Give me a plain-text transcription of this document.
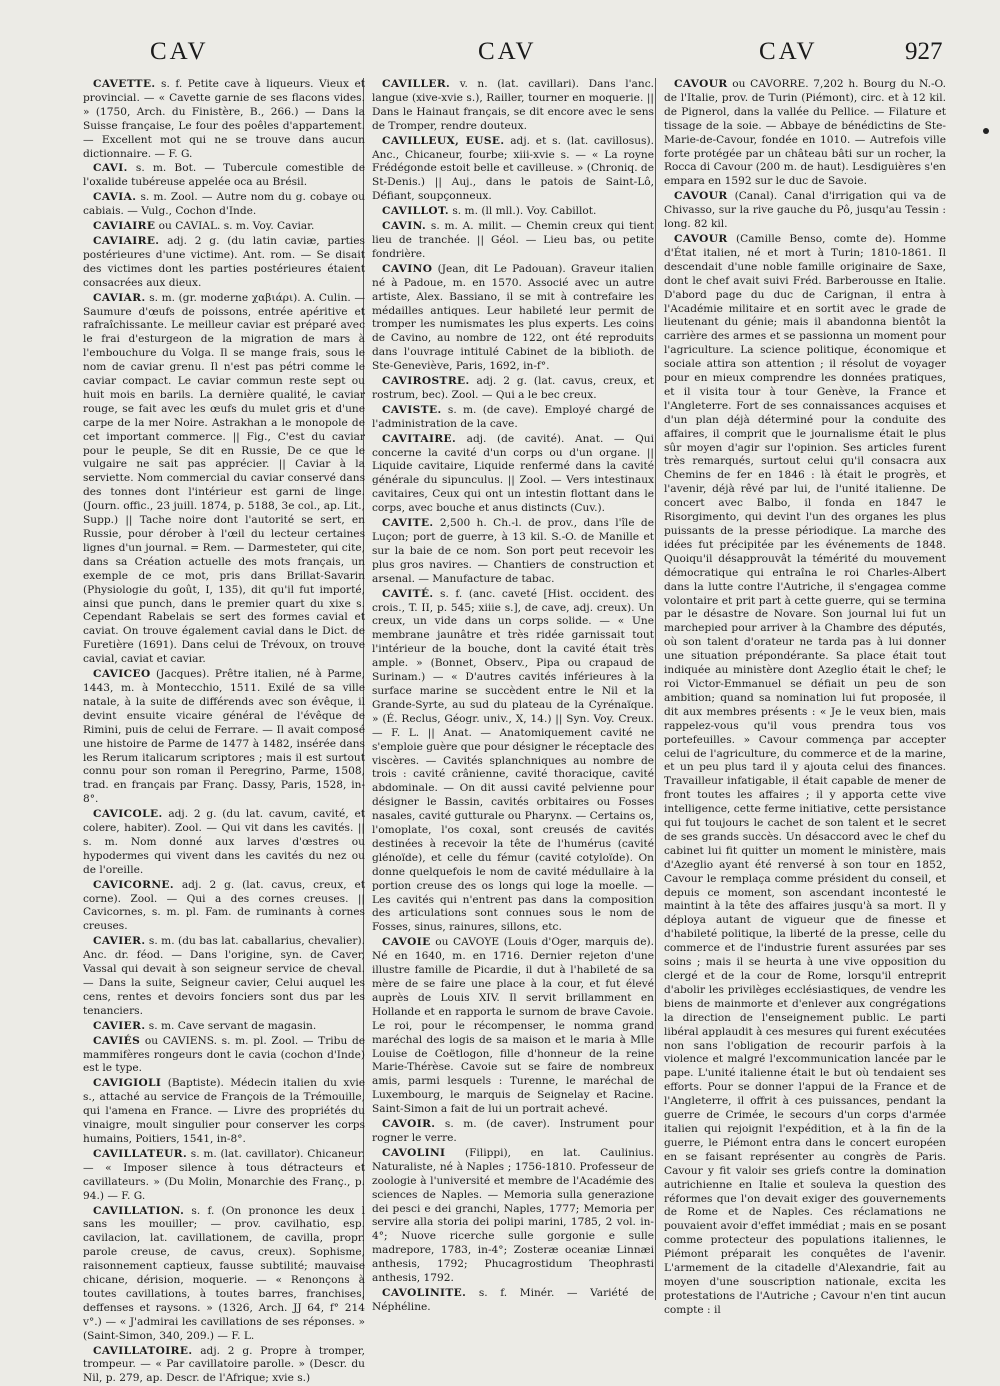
CAV	CAV	CAV	927

CAVETTE. s. f. Petite cave à liqueurs. Vieux et provincial. — « Cavette garnie de ses flacons vides. » (1750, Arch. du Finistère, B., 266.) — Dans la Suisse française, Le four des poêles d'appartement. — Excellent mot qui ne se trouve dans aucun dictionnaire. — F. G.

CAVI. s. m. Bot. — Tubercule comestible de l'oxalide tubéreuse appelée oca au Brésil.

CAVIA. s. m. Zool. — Autre nom du g. cobaye ou cabiais. — Vulg., Cochon d'Inde.

CAVIAIRE ou CAVIAL. s. m. Voy. Caviar.

CAVIAIRE. adj. 2 g. (du latin caviæ, parties postérieures d'une victime). Ant. rom. — Se disait des victimes dont les parties postérieures étaient consacrées aux dieux.

CAVIAR. s. m. (gr. moderne χαβιάρι). A. Culin. — Saumure d'œufs de poissons, entrée apéritive et rafraîchissante. Le meilleur caviar est préparé avec le frai d'esturgeon de la migration de mars à l'embouchure du Volga. Il se mange frais, sous le nom de caviar grenu. Il n'est pas pétri comme le caviar compact. Le caviar commun reste sept ou huit mois en barils. La dernière qualité, le caviar rouge, se fait avec les œufs du mulet gris et d'une carpe de la mer Noire. Astrakhan a le monopole de cet important commerce. || Fig., C'est du caviar pour le peuple, Se dit en Russie, De ce que le vulgaire ne sait pas apprécier. || Caviar à la serviette. Nom commercial du caviar conservé dans des tonnes dont l'intérieur est garni de linge. (Journ. offic., 23 juill. 1874, p. 5188, 3e col., ap. Lit., Supp.) || Tache noire dont l'autorité se sert, en Russie, pour dérober à l'œil du lecteur certaines lignes d'un journal. = Rem. — Darmesteter, qui cite, dans sa Création actuelle des mots français, un exemple de ce mot, pris dans Brillat-Savarin (Physiologie du goût, I, 135), dit qu'il fut importé, ainsi que punch, dans le premier quart du xixe s. Cependant Rabelais se sert des formes cavial et caviat. On trouve également cavial dans le Dict. de Furetière (1691). Dans celui de Trévoux, on trouve cavial, caviat et caviar.

CAVICEO (Jacques). Prêtre italien, né à Parme, 1443, m. à Montecchio, 1511. Exilé de sa ville natale, à la suite de différends avec son évêque, il devint ensuite vicaire général de l'évêque de Rimini, puis de celui de Ferrare. — Il avait composé une histoire de Parme de 1477 à 1482, insérée dans les Rerum italicarum scriptores ; mais il est surtout connu pour son roman il Peregrino, Parme, 1508, trad. en français par Franç. Dassy, Paris, 1528, in-8°.

CAVICOLE. adj. 2 g. (du lat. cavum, cavité, et colere, habiter). Zool. — Qui vit dans les cavités. || s. m. Nom donné aux larves d'œstres ou hypodermes qui vivent dans les cavités du nez ou de l'oreille.

CAVICORNE. adj. 2 g. (lat. cavus, creux, et corne). Zool. — Qui a des cornes creuses. || Cavicornes, s. m. pl. Fam. de ruminants à cornes creuses.

CAVIER. s. m. (du bas lat. caballarius, chevalier). Anc. dr. féod. — Dans l'origine, syn. de Caver, Vassal qui devait à son seigneur service de cheval. — Dans la suite, Seigneur cavier, Celui auquel les cens, rentes et devoirs fonciers sont dus par les tenanciers.

CAVIER. s. m. Cave servant de magasin.

CAVIÉS ou CAVIENS. s. m. pl. Zool. — Tribu de mammifères rongeurs dont le cavia (cochon d'Inde) est le type.

CAVIGIOLI (Baptiste). Médecin italien du xvie s., attaché au service de François de la Trémouille, qui l'amena en France. — Livre des propriétés du vinaigre, moult singulier pour conserver les corps humains, Poitiers, 1541, in-8°.

CAVILLATEUR. s. m. (lat. cavillator). Chicaneur. — « Imposer silence à tous détracteurs et cavillateurs. » (Du Molin, Monarchie des Franç., p. 94.) — F. G.

CAVILLATION. s. f. (On prononce les deux l sans les mouiller; — prov. cavilhatio, esp. cavilacion, lat. cavillationem, de cavilla, propr. parole creuse, de cavus, creux). Sophisme, raisonnement captieux, fausse subtilité; mauvaise chicane, dérision, moquerie. — « Renonçons à toutes cavillations, à toutes barres, franchises, deffenses et raysons. » (1326, Arch. JJ 64, f° 214 v°.) — « J'admirai les cavillations de ses réponses. » (Saint-Simon, 340, 209.) — F. L.

CAVILLATOIRE. adj. 2 g. Propre à tromper, trompeur. — « Par cavillatoire parolle. » (Descr. du Nil, p. 279, ap. Descr. de l'Afrique; xvie s.)

CAVILLER. v. n. (lat. cavillari). Dans l'anc. langue (xive-xvie s.), Railler, tourner en moquerie. || Dans le Hainaut français, se dit encore avec le sens de Tromper, rendre douteux.

CAVILLEUX, EUSE. adj. et s. (lat. cavillosus). Anc., Chicaneur, fourbe; xiii-xvie s. — « La royne Frédégonde estoit belle et cavilleuse. » (Chroniq. de St-Denis.) || Auj., dans le patois de Saint-Lô, Défiant, soupçonneux.

CAVILLOT. s. m. (ll mll.). Voy. Cabillot.

CAVIN. s. m. A. milit. — Chemin creux qui tient lieu de tranchée. || Géol. — Lieu bas, ou petite fondrière.

CAVINO (Jean, dit Le Padouan). Graveur italien né à Padoue, m. en 1570. Associé avec un autre artiste, Alex. Bassiano, il se mit à contrefaire les médailles antiques. Leur habileté leur permit de tromper les numismates les plus experts. Les coins de Cavino, au nombre de 122, ont été reproduits dans l'ouvrage intitulé Cabinet de la biblioth. de Ste-Geneviève, Paris, 1692, in-f°.

CAVIROSTRE. adj. 2 g. (lat. cavus, creux, et rostrum, bec). Zool. — Qui a le bec creux.

CAVISTE. s. m. (de cave). Employé chargé de l'administration de la cave.

CAVITAIRE. adj. (de cavité). Anat. — Qui concerne la cavité d'un corps ou d'un organe. || Liquide cavitaire, Liquide renfermé dans la cavité générale du sipunculus. || Zool. — Vers intestinaux cavitaires, Ceux qui ont un intestin flottant dans le corps, avec bouche et anus distincts (Cuv.).

CAVITE. 2,500 h. Ch.-l. de prov., dans l'île de Luçon; port de guerre, à 13 kil. S.-O. de Manille et sur la baie de ce nom. Son port peut recevoir les plus gros navires. — Chantiers de construction et arsenal. — Manufacture de tabac.

CAVITÉ. s. f. (anc. caveté [Hist. occident. des crois., T. II, p. 545; xiiie s.], de cave, adj. creux). Un creux, un vide dans un corps solide. — « Une membrane jaunâtre et très ridée garnissait tout l'intérieur de la bouche, dont la cavité était très ample. » (Bonnet, Observ., Pipa ou crapaud de Surinam.) — « D'autres cavités inférieures à la surface marine se succèdent entre le Nil et la Grande-Syrte, au sud du plateau de la Cyrénaïque. » (É. Reclus, Géogr. univ., X, 14.) || Syn. Voy. Creux. — F. L. || Anat. — Anatomiquement cavité ne s'emploie guère que pour désigner le réceptacle des viscères. — Cavités splanchniques au nombre de trois : cavité crânienne, cavité thoracique, cavité abdominale. — On dit aussi cavité pelvienne pour désigner le Bassin, cavités orbitaires ou Fosses nasales, cavité gutturale ou Pharynx. — Certains os, l'omoplate, l'os coxal, sont creusés de cavités destinées à recevoir la tête de l'humérus (cavité glénoïde), et celle du fémur (cavité cotyloïde). On donne quelquefois le nom de cavité médullaire à la portion creuse des os longs qui loge la moelle. — Les cavités qui n'entrent pas dans la composition des articulations sont connues sous le nom de Fosses, sinus, rainures, sillons, etc.

CAVOIE ou CAVOYE (Louis d'Oger, marquis de). Né en 1640, m. en 1716. Dernier rejeton d'une illustre famille de Picardie, il dut à l'habileté de sa mère de se faire une place à la cour, et fut élevé auprès de Louis XIV. Il servit brillamment en Hollande et en rapporta le surnom de brave Cavoie. Le roi, pour le récompenser, le nomma grand maréchal des logis de sa maison et le maria à Mlle Louise de Coëtlogon, fille d'honneur de la reine Marie-Thérèse. Cavoie sut se faire de nombreux amis, parmi lesquels : Turenne, le maréchal de Luxembourg, le marquis de Seignelay et Racine. Saint-Simon a fait de lui un portrait achevé.

CAVOIR. s. m. (de caver). Instrument pour rogner le verre.

CAVOLINI (Filippi), en lat. Caulinius. Naturaliste, né à Naples ; 1756-1810. Professeur de zoologie à l'université et membre de l'Académie des sciences de Naples. — Memoria sulla generazione dei pesci e dei granchi, Naples, 1777; Memoria per servire alla storia dei polipi marini, 1785, 2 vol. in-4°; Nuove ricerche sulle gorgonie e sulle madrepore, 1783, in-4°; Zosteræ oceaniæ Linnæi anthesis, 1792; Phucagrostidum Theophrasti anthesis, 1792.

CAVOLINITE. s. f. Minér. — Variété de Néphéline.

CAVOUR ou CAVORRE. 7,202 h. Bourg du N.-O. de l'Italie, prov. de Turin (Piémont), circ. et à 12 kil. de Pignerol, dans la vallée du Pellice. — Filature et tissage de la soie. — Abbaye de bénédictins de Ste-Marie-de-Cavour, fondée en 1010. — Autrefois ville forte protégée par un château bâti sur un rocher, la Rocca di Cavour (200 m. de haut). Lesdiguières s'en empara en 1592 sur le duc de Savoie.

CAVOUR (Canal). Canal d'irrigation qui va de Chivasso, sur la rive gauche du Pô, jusqu'au Tessin : long. 82 kil.

CAVOUR (Camille Benso, comte de). Homme d'État italien, né et mort à Turin; 1810-1861. Il descendait d'une noble famille originaire de Saxe, dont le chef avait suivi Fréd. Barberousse en Italie. D'abord page du duc de Carignan, il entra à l'Académie militaire et en sortit avec le grade de lieutenant du génie; mais il abandonna bientôt la carrière des armes et se passionna un moment pour l'agriculture. La science politique, économique et sociale attira son attention ; il résolut de voyager pour en mieux comprendre les données pratiques, et il visita tour à tour Genève, la France et l'Angleterre. Fort de ses connaissances acquises et d'un plan déjà déterminé pour la conduite des affaires, il comprit que le journalisme était le plus sûr moyen d'agir sur l'opinion. Ses articles furent très remarqués, surtout celui qu'il consacra aux Chemins de fer en 1846 : là était le progrès, et l'avenir, déjà rêvé par lui, de l'unité italienne. De concert avec Balbo, il fonda en 1847 le Risorgimento, qui devint l'un des organes les plus puissants de la presse périodique. La marche des idées fut précipitée par les événements de 1848. Quoiqu'il désapprouvât la témérité du mouvement démocratique qui entraîna le roi Charles-Albert dans la lutte contre l'Autriche, il s'engagea comme volontaire et prit part à cette guerre, qui se termina par le désastre de Novare. Son journal lui fut un marchepied pour arriver à la Chambre des députés, où son talent d'orateur ne tarda pas à lui donner une situation prépondérante. Sa place était tout indiquée au ministère dont Azeglio était le chef; le roi Victor-Emmanuel se défiait un peu de son ambition; quand sa nomination lui fut proposée, il dit aux membres présents : « Je le veux bien, mais rappelez-vous qu'il vous prendra tous vos portefeuilles. » Cavour commença par accepter celui de l'agriculture, du commerce et de la marine, et un peu plus tard il y ajouta celui des finances. Travailleur infatigable, il était capable de mener de front toutes les affaires ; il y apporta cette vive intelligence, cette ferme initiative, cette persistance qui fut toujours le cachet de son talent et le secret de ses grands succès. Un désaccord avec le chef du cabinet lui fit quitter un moment le ministère, mais d'Azeglio ayant été renversé à son tour en 1852, Cavour le remplaça comme président du conseil, et depuis ce moment, son ascendant incontesté le maintint à la tête des affaires jusqu'à sa mort. Il y déploya autant de vigueur que de finesse et d'habileté politique, la liberté de la presse, celle du commerce et de l'industrie furent assurées par ses soins ; mais il se heurta à une vive opposition du clergé et de la cour de Rome, lorsqu'il entreprit d'abolir les privilèges ecclésiastiques, de vendre les biens de mainmorte et d'enlever aux congrégations la direction de l'enseignement public. Le parti libéral applaudit à ces mesures qui furent exécutées non sans l'obligation de recourir parfois à la violence et malgré l'excommunication lancée par le pape. L'unité italienne était le but où tendaient ses efforts. Pour se donner l'appui de la France et de l'Angleterre, il offrit à ces puissances, pendant la guerre de Crimée, le secours d'un corps d'armée italien qui rejoignit l'expédition, et à la fin de la guerre, le Piémont entra dans le concert européen en se faisant représenter au congrès de Paris. Cavour y fit valoir ses griefs contre la domination autrichienne en Italie et souleva la question des réformes que l'on devait exiger des gouvernements de Rome et de Naples. Ces réclamations ne pouvaient avoir d'effet immédiat ; mais en se posant comme protecteur des populations italiennes, le Piémont préparait les conquêtes de l'avenir. L'armement de la citadelle d'Alexandrie, fait au moyen d'une souscription nationale, excita les protestations de l'Autriche ; Cavour n'en tint aucun compte : il
